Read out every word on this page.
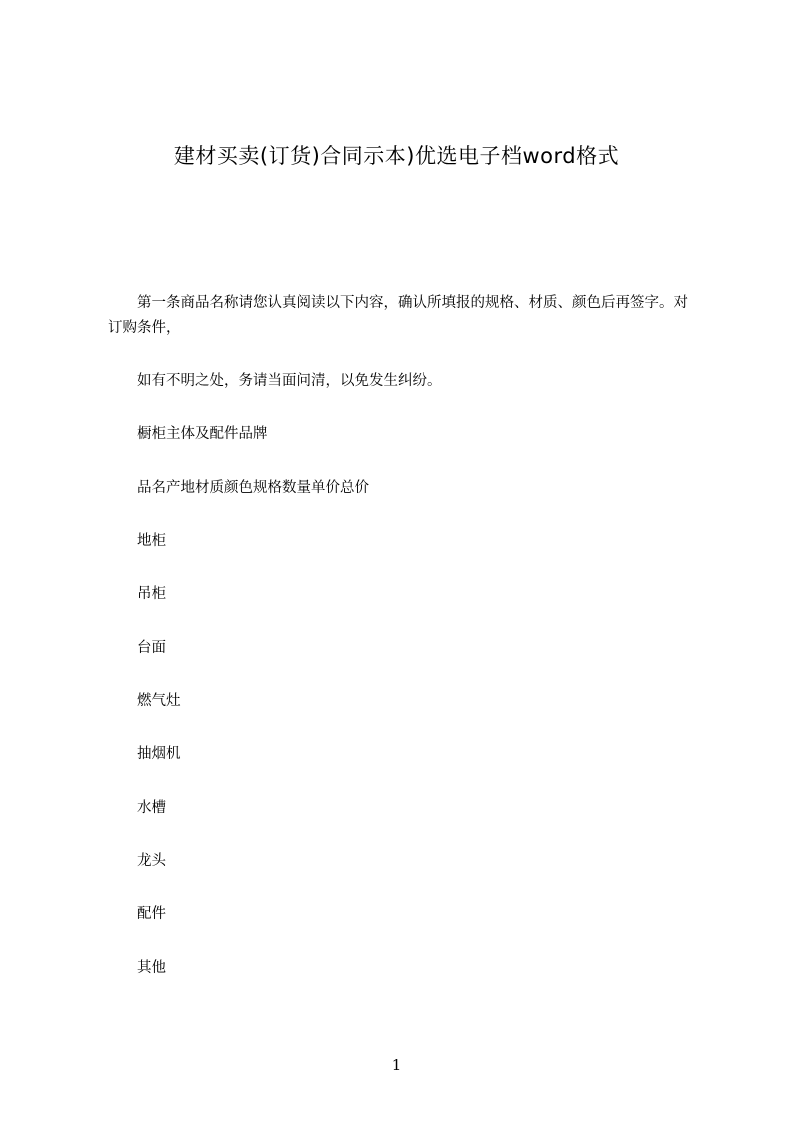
建材买卖(订货)合同示本)优选电子档word格式
第一条商品名称请您认真阅读以下内容，确认所填报的规格、材质、颜色后再签字。对订购条件，
如有不明之处，务请当面问清，以免发生纠纷。
橱柜主体及配件品牌
品名产地材质颜色规格数量单价总价
地柜
吊柜
台面
燃气灶
抽烟机
水槽
龙头
配件
其他
1
